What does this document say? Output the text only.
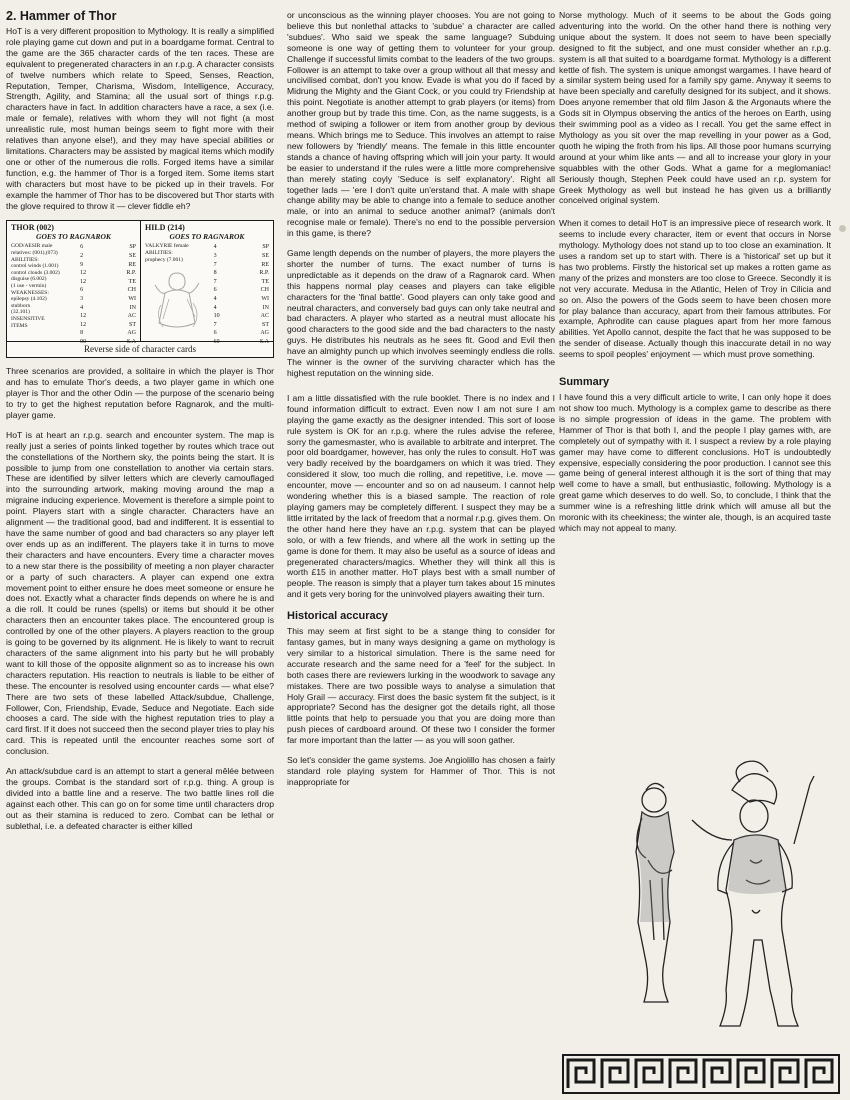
2. Hammer of Thor

HoT is a very different proposition to Mythology. It is really a simplified role playing game cut down and put in a boardgame format. Central to the game are the 365 character cards of the ten races. These are equivalent to pregenerated characters in an r.p.g. A character consists of twelve numbers which relate to Speed, Senses, Reaction, Reputation, Temper, Charisma, Wisdom, Intelligence, Accuracy, Strength, Agility, and Stamina; all the usual sort of things r.p.g. characters have in fact. In addition characters have a race, a sex (i.e. male or female), relatives with whom they will not fight (a most unrealistic rule, most human beings seem to fight more with their relatives than anyone else!), and they may have special abilities or limitations. Characters may be assisted by magical items which modify one or other of the numerous die rolls. Forged items have a similar function, e.g. the hammer of Thor is a forged item. Some items start with characters but most have to be picked up in their travels. For example the hammer of Thor has to be discovered but Thor starts with the glove required to throw it — clever fiddle eh?

THOR (002)
GOES TO RAGNAROK
GOD/AESIR male
relatives: (001),(073)
ABILITIES:
control winds (1.001)
control clouds (3.002)
disguise (6.002)
(1 use - vermin)
WEAKNESSES:
epilepsy (4.102)
stubborn
(32.101)
INSENSITIVE
ITEMS
6	SP
2	SE
9	RE
12	R.P.
12	TE
6	CH
3	WI
4	IN
12	AC
12	ST
8	AG
90	S.A
HILD (214)
GOES TO RAGNAROK
VALKYRIE female
ABILITIES:
prophecy (7.001)
4	SP
3	SE
7	RE
8	R.P.
7	TE
6	CH
4	WI
4	IN
10	AC
7	ST
6	AG
60	S.A
Reverse side of character cards

Three scenarios are provided, a solitaire in which the player is Thor and has to emulate Thor's deeds, a two player game in which one player is Thor and the other Odin — the purpose of the scenario being to try to get the highest reputation before Ragnarok, and the multi-player game.

HoT is at heart an r.p.g. search and encounter system. The map is really just a series of points linked together by routes which trace out the constellations of the Northern sky, the points being the start. It is possible to jump from one constellation to another via certain stars. These are identified by silver letters which are cleverly camouflaged into the surrounding artwork, making moving around the map a migraine inducing experience. Movement is therefore a simple point to point. Players start with a single character. Characters have an alignment — the traditional good, bad and indifferent. It is essential to have the same number of good and bad characters so any player left over ends up as an indifferent. The players take it in turns to move their characters and have encounters. Every time a character moves to a new star there is the possibility of meeting a non player character or a party of such characters. A player can expend one extra movement point to either ensure he does meet someone or ensure he does not. Exactly what a character finds depends on where he is and a die roll. It could be runes (spells) or items but should it be other characters then an encounter takes place. The encountered group is controlled by one of the other players. A players reaction to the group is going to be governed by its alignment. He is likely to want to recruit characters of the same alignment into his party but he will probably want to kill those of the opposite alignment so as to increase his own characters reputation. His reaction to neutrals is liable to be either of these. The encounter is resolved using encounter cards — what else? There are two sets of these labelled Attack/subdue, Challenge, Follower, Con, Friendship, Evade, Seduce and Negotiate. Each side chooses a card. The side with the highest reputation tries to play a card first. If it does not succeed then the second player tries to play his card. This is repeated until the encounter reaches some sort of conclusion.

An attack/subdue card is an attempt to start a general mêlée between the groups. Combat is the standard sort of r.p.g. thing. A group is divided into a battle line and a reserve. The two battle lines roll die against each other. This can go on for some time until characters drop out as their stamina is reduced to zero. Combat can be lethal or sublethal, i.e. a defeated character is either killed

or unconscious as the winning player chooses. You are not going to believe this but nonlethal attacks to 'subdue' a character are called 'subdues'. Who said we speak the same language? Subduing someone is one way of getting them to volunteer for your group. Challenge if successful limits combat to the leaders of the two groups. Follower is an attempt to take over a group without all that messy and uncivilised combat, don't you know. Evade is what you do if faced by Midrung the Mighty and the Giant Cock, or you could try Friendship at this point. Negotiate is another attempt to grab players (or items) from another group but by trade this time. Con, as the name suggests, is a method of swiping a follower or item from another group by devious means. Which brings me to Seduce. This involves an attempt to raise new followers by 'friendly' means. The female in this little encounter stands a chance of having offspring which will join your party. It would be easier to understand if the rules were a little more comprehensive than merely stating coyly 'Seduce is self explanatory'. Right all together lads — 'ere I don't quite un'erstand that. A male with shape change ability may be able to change into a female to seduce another male, or into an animal to seduce another animal? (animals don't recognise male or female). There's no end to the possible perversion in this game, is there?

Game length depends on the number of players, the more players the shorter the number of turns. The exact number of turns is unpredictable as it depends on the draw of a Ragnarok card. When this happens normal play ceases and players can take eligible characters for the 'final battle'. Good players can only take good and neutral characters, and conversely bad guys can only take neutral and bad characters. A player who started as a neutral must allocate his good characters to the good side and the bad characters to the nasty guys. He distributes his neutrals as he sees fit. Good and Evil then have an almighty punch up which involves seemingly endless die rolls. The winner is the owner of the surviving character which has the highest reputation on the winning side.

I am a little dissatisfied with the rule booklet. There is no index and I found information difficult to extract. Even now I am not sure I am playing the game exactly as the designer intended. This sort of loose rule system is OK for an r.p.g. where the rules advise the referee, sorry the gamesmaster, who is available to arbitrate and interpret. The poor old boardgamer, however, has only the rules to consult. HoT was very badly received by the boardgamers on which it was tried. They considered it slow, too much die rolling, and repetitive, i.e. move — encounter, move — encounter and so on ad nauseum. I cannot help wondering whether this is a biased sample. The reaction of role playing gamers may be completely different. I suspect they may be a little irritated by the lack of freedom that a normal r.p.g. gives them. On the other hand here they have an r.p.g. system that can be played solo, or with a few friends, and where all the work in setting up the game is done for them. It may also be useful as a source of ideas and pregenerated characters/magics. Whether they will think all this is worth £15 in another matter. HoT plays best with a small number of people. The reason is simply that a player turn takes about 15 minutes and it gets very boring for the uninvolved players awaiting their turn.

Historical accuracy

This may seem at first sight to be a stange thing to consider for fantasy games, but in many ways designing a game on mythology is very similar to a historical simulation. There is the same need for accurate research and the same need for a 'feel' for the subject. In both cases there are reviewers lurking in the woodwork to savage any mistakes. There are two possible ways to analyse a simulation that Holy Grail — accuracy. First does the basic system fit the subject, is it appropriate? Second has the designer got the details right, all those little points that help to persuade you that you are doing more than push pieces of cardboard around. Of these two I consider the former far more important than the latter — as you will soon gather.

So let's consider the game systems. Joe Angiolillo has chosen a fairly standard role playing system for Hammer of Thor. This is not inappropriate for

Norse mythology. Much of it seems to be about the Gods going adventuring into the world. On the other hand there is nothing very unique about the system. It does not seem to have been specially designed to fit the subject, and one must consider whether an r.p.g. system is all that suited to a boardgame format. Mythology is a different kettle of fish. The system is unique amongst wargames. I have heard of a similar system being used for a family spy game. Anyway it seems to have been specially and carefully designed for its subject, and it shows. Does anyone remember that old film Jason & the Argonauts where the Gods sit in Olympus observing the antics of the heroes on Earth, using their swimming pool as a video as I recall. You get the same effect in Mythology as you sit over the map revelling in your power as a God, quoth he wiping the froth from his lips. All those poor humans scurrying around at your whim like ants — and all to increase your glory in your squabbles with the other Gods. What a game for a meglomaniac! Seriously though, Stephen Peek could have used an r.p. system for Greek Mythology as well but instead he has given us a brilliantly conceived original system.

When it comes to detail HoT is an impressive piece of research work. It seems to include every character, item or event that occurs in Norse mythology. Mythology does not stand up to too close an examination. It uses a random set up to start with. There is a 'historical' set up but it has two problems. Firstly the historical set up makes a rotten game as many of the prizes and monsters are too close to Greece. Secondly it is not very accurate. Medusa in the Atlantic, Helen of Troy in Cilicia and so on. Also the powers of the Gods seem to have been chosen more for play balance than accuracy, apart from their famous attributes. For example, Aphrodite can cause plagues apart from her more famous abilities. Yet Apollo cannot, despite the fact that he was supposed to be the sender of disease. Actually though this inaccurate detail in no way seems to spoil peoples' enjoyment — which must prove something.

Summary

I have found this a very difficult article to write, I can only hope it does not show too much. Mythology is a complex game to describe as there is no simple progression of ideas in the game. The problem with Hammer of Thor is that both I, and the people I play games with, are completely out of sympathy with it. I suspect a review by a role playing gamer may have come to different conclusions. HoT is undoubtedly expensive, especially considering the poor production. I cannot see this game being of general interest although it is the sort of thing that may well come to have a small, but enthusiastic, following. Mythology is a great game which deserves to do well. So, to conclude, I think that the summer wine is a refreshing little drink which will amuse all but the moronic with its cheekiness; the winter ale, though, is an acquired taste which may not appeal to many.
